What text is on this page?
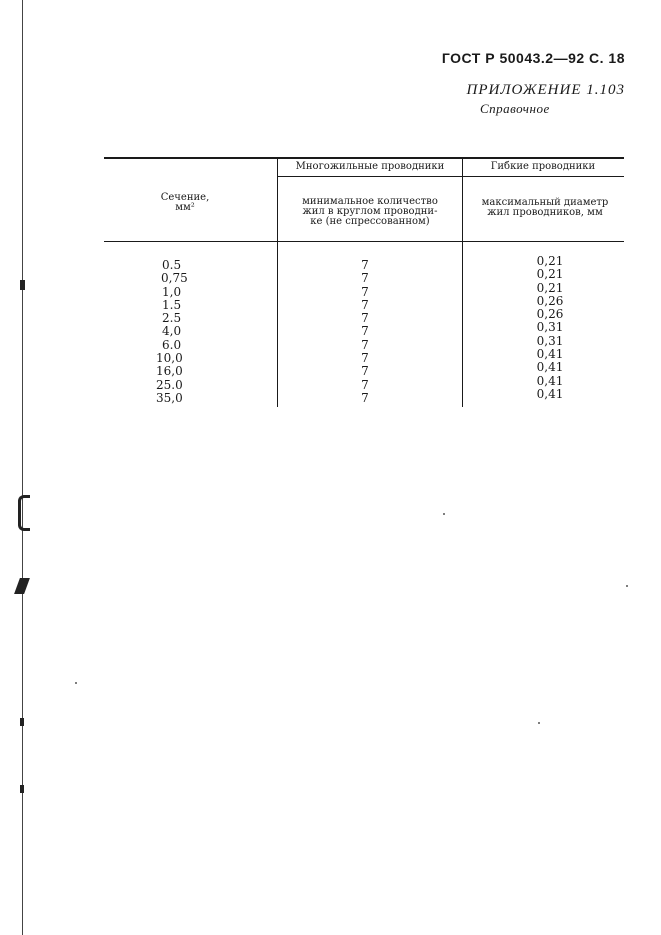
ГОСТ Р 50043.2—92 С. 18
ПРИЛОЖЕНИЕ 1.103
Справочное
Сечение,
мм²
Многожильные проводники	Гибкие проводники
минимальное количество
жил в круглом проводни-
ке (не спрессованном)
максимальный диаметр
жил проводников, мм
0.5
0,75
1,0
1.5
2.5
4,0
6.0
10,0
16,0
25.0
35,0
7
7
7
7
7
7
7
7
7
7
7
0,21
0,21
0,21
0,26
0,26
0,31
0,31
0,41
0,41
0,41
0,41
